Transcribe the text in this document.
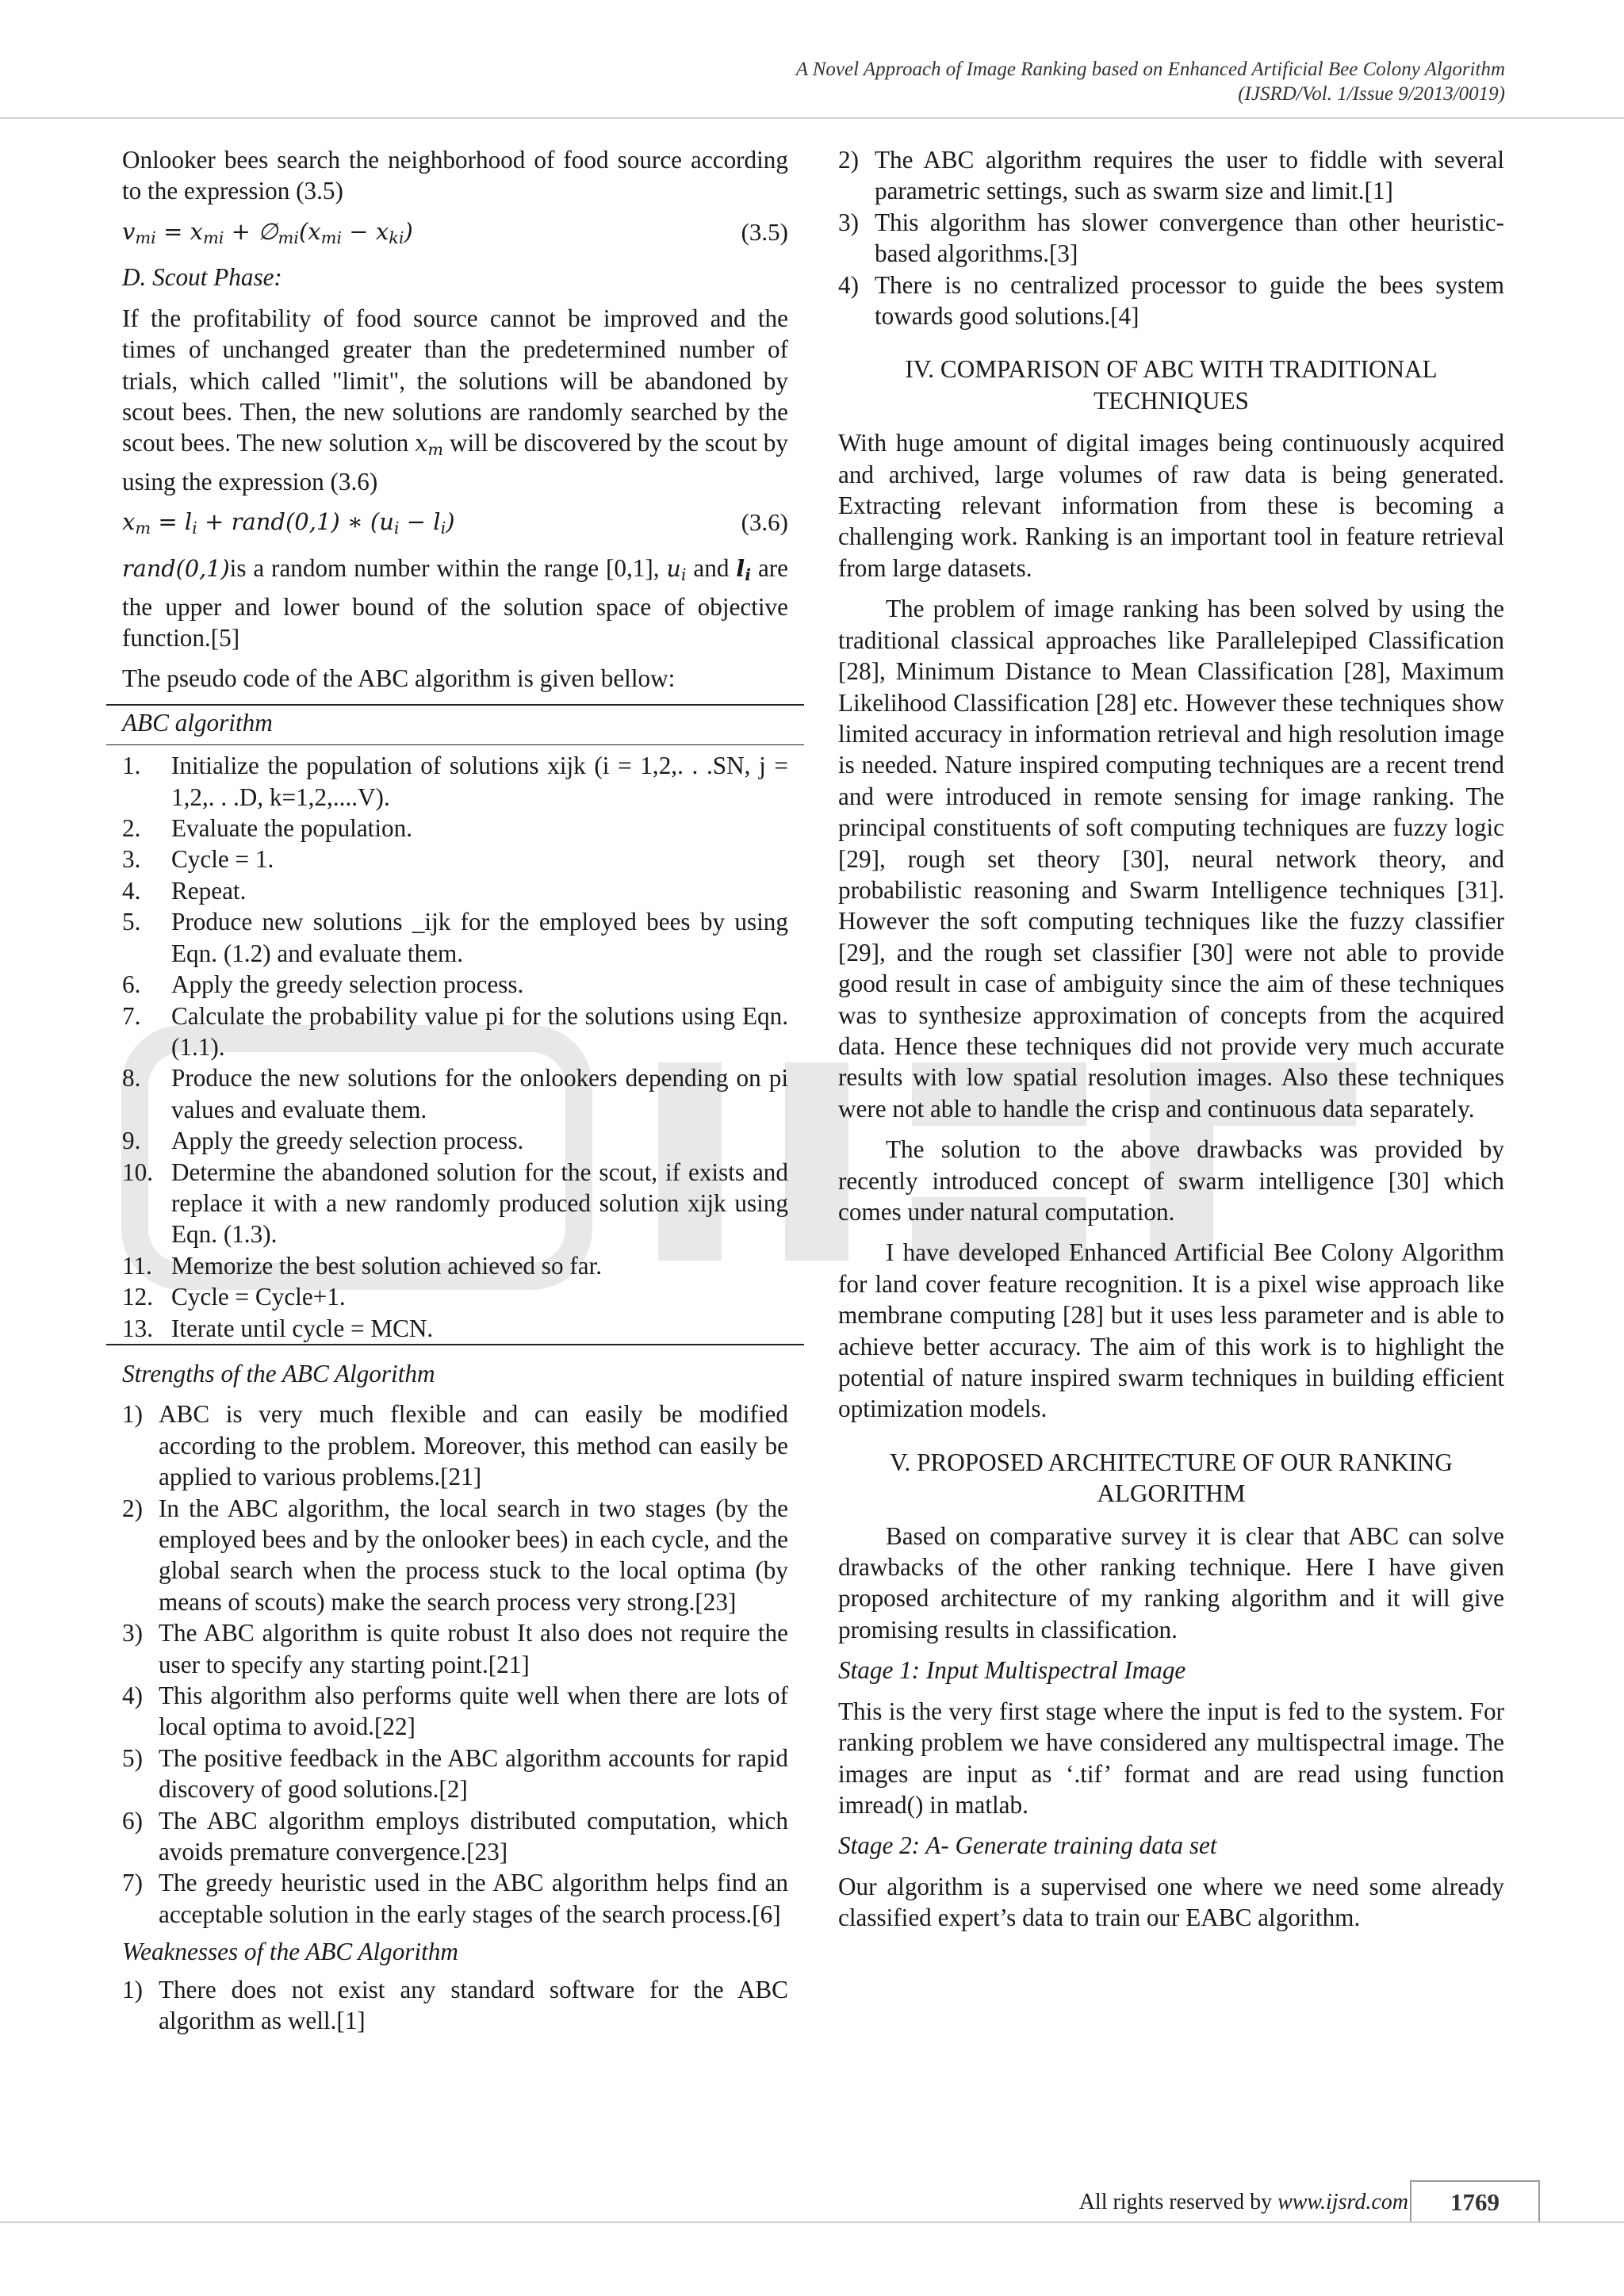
A Novel Approach of Image Ranking based on Enhanced Artificial Bee Colony Algorithm
(IJSRD/Vol. 1/Issue 9/2013/0019)

Onlooker bees search the neighborhood of food source according to the expression (3.5)

$v_{mi} = x_{mi}$ + $\emptyset_{mi}(x_{mi} - x_{ki})$	(3.5)

D. Scout Phase:

If the profitability of food source cannot be improved and the times of unchanged greater than the predetermined number of trials, which called "limit", the solutions will be abandoned by scout bees. Then, the new solutions are randomly searched by the scout bees. The new solution $x_m$ will be discovered by the scout by using the expression (3.6)

$x_m = l_i$ + rand(0,1) ∗ $(u_i - l_i)$	(3.6)

rand(0,1)is a random number within the range [0,1], $u_i$ and $l_i$ are the upper and lower bound of the solution space of objective function.[5]

The pseudo code of the ABC algorithm is given bellow:

ABC algorithm
1.	Initialize the population of solutions xijk (i = 1,2,. . .SN, j = 1,2,. . .D, k=1,2,....V).
2.	Evaluate the population.
3.	Cycle = 1.
4.	Repeat.
5.	Produce new solutions _ijk for the employed bees by using Eqn. (1.2) and evaluate them.
6.	Apply the greedy selection process.
7.	Calculate the probability value pi for the solutions using Eqn. (1.1).
8.	Produce the new solutions for the onlookers depending on pi values and evaluate them.
9.	Apply the greedy selection process.
10. Determine the abandoned solution for the scout, if exists and replace it with a new randomly produced solution xijk using Eqn. (1.3).
11. Memorize the best solution achieved so far.
12. Cycle = Cycle+1.
13. Iterate until cycle = MCN.

Strengths of the ABC Algorithm

1) ABC is very much flexible and can easily be modified according to the problem. Moreover, this method can easily be applied to various problems.[21]
2) In the ABC algorithm, the local search in two stages (by the employed bees and by the onlooker bees) in each cycle, and the global search when the process stuck to the local optima (by means of scouts) make the search process very strong.[23]
3) The ABC algorithm is quite robust It also does not require the user to specify any starting point.[21]
4) This algorithm also performs quite well when there are lots of local optima to avoid.[22]
5) The positive feedback in the ABC algorithm accounts for rapid discovery of good solutions.[2]
6) The ABC algorithm employs distributed computation, which avoids premature convergence.[23]
7) The greedy heuristic used in the ABC algorithm helps find an acceptable solution in the early stages of the search process.[6]

Weaknesses of the ABC Algorithm

1) There does not exist any standard software for the ABC algorithm as well.[1]
2) The ABC algorithm requires the user to fiddle with several parametric settings, such as swarm size and limit.[1]
3) This algorithm has slower convergence than other heuristic-based algorithms.[3]
4) There is no centralized processor to guide the bees system towards good solutions.[4]
IV. COMPARISON OF ABC WITH TRADITIONAL TECHNIQUES

With huge amount of digital images being continuously acquired and archived, large volumes of raw data is being generated. Extracting relevant information from these is becoming a challenging work. Ranking is an important tool in feature retrieval from large datasets.

The problem of image ranking has been solved by using the traditional classical approaches like Parallelepiped Classification [28], Minimum Distance to Mean Classification [28], Maximum Likelihood Classification [28] etc. However these techniques show limited accuracy in information retrieval and high resolution image is needed. Nature inspired computing techniques are a recent trend and were introduced in remote sensing for image ranking. The principal constituents of soft computing techniques are fuzzy logic [29], rough set theory [30], neural network theory, and probabilistic reasoning and Swarm Intelligence techniques [31]. However the soft computing techniques like the fuzzy classifier [29], and the rough set classifier [30] were not able to provide good result in case of ambiguity since the aim of these techniques was to synthesize approximation of concepts from the acquired data. Hence these techniques did not provide very much accurate results with low spatial resolution images. Also these techniques were not able to handle the crisp and continuous data separately.

The solution to the above drawbacks was provided by recently introduced concept of swarm intelligence [30] which comes under natural computation.

I have developed Enhanced Artificial Bee Colony Algorithm for land cover feature recognition. It is a pixel wise approach like membrane computing [28] but it uses less parameter and is able to achieve better accuracy. The aim of this work is to highlight the potential of nature inspired swarm techniques in building efficient optimization models.

V. PROPOSED ARCHITECTURE OF OUR RANKING ALGORITHM

Based on comparative survey it is clear that ABC can solve drawbacks of the other ranking technique. Here I have given proposed architecture of my ranking algorithm and it will give promising results in classification.

Stage 1: Input Multispectral Image

This is the very first stage where the input is fed to the system. For ranking problem we have considered any multispectral image. The images are input as ‘.tif’ format and are read using function imread() in matlab.

Stage 2: A- Generate training data set

Our algorithm is a supervised one where we need some already classified expert’s data to train our EABC algorithm.

All rights reserved by www.ijsrd.com	1769
